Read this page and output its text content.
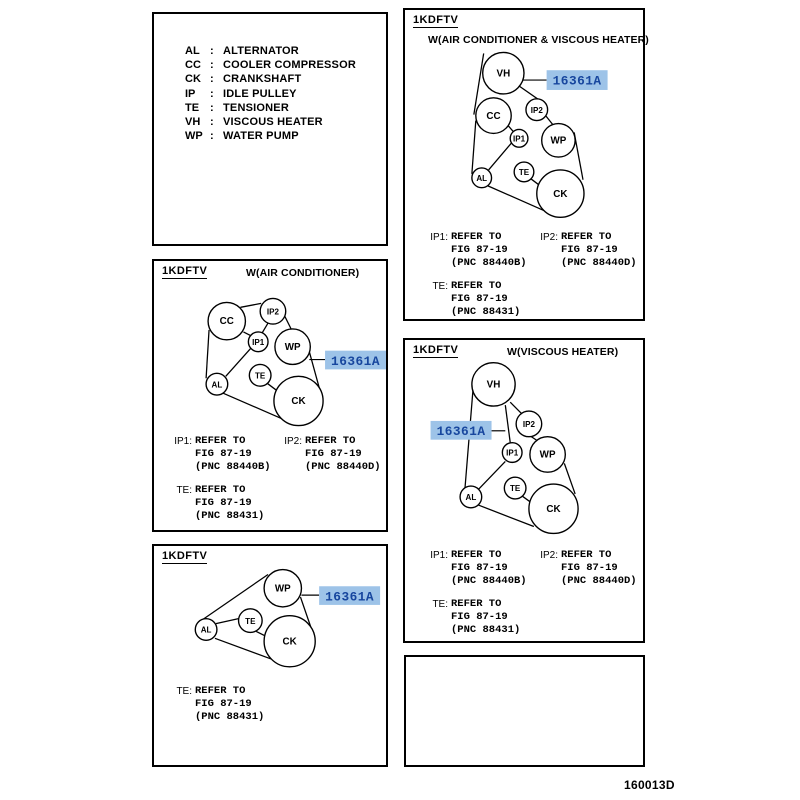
AL : ALTERNATOR
CC : COOLER COMPRESSOR
CK : CRANKSHAFT
IP	: IDLE PULLEY
TE : TENSIONER
VH : VISCOUS HEATER
WP : WATER PUMP
1KDFTV
W(AIR CONDITIONER & VISCOUS HEATER)
VH
CC
IP2
IP1	WP
AL
TE
CK
16361A
IP1: REFER TO
FIG 87-19
(PNC 88440B)
IP2: REFER TO
FIG 87-19
(PNC 88440D)
TE: REFER TO
FIG 87-19
(PNC 88431)
1KDFTV	W(AIR CONDITIONER)
CC
IP2
IP1 WP
AL
TE
CK
16361A
IP1: REFER TO
FIG 87-19
(PNC 88440B)
IP2: REFER TO
FIG 87-19
(PNC 88440D)
TE: REFER TO
FIG 87-19
(PNC 88431)
1KDFTV	W(VISCOUS HEATER)
VH
IP2
IP1 WP
AL
TE
CK
16361A
IP1: REFER TO
FIG 87-19
(PNC 88440B)
IP2: REFER TO
FIG 87-19
(PNC 88440D)
TE: REFER TO
FIG 87-19
(PNC 88431)
1KDFTV
WP
AL
TE
CK
16361A
TE: REFER TO
FIG 87-19
(PNC 88431)
160013D
